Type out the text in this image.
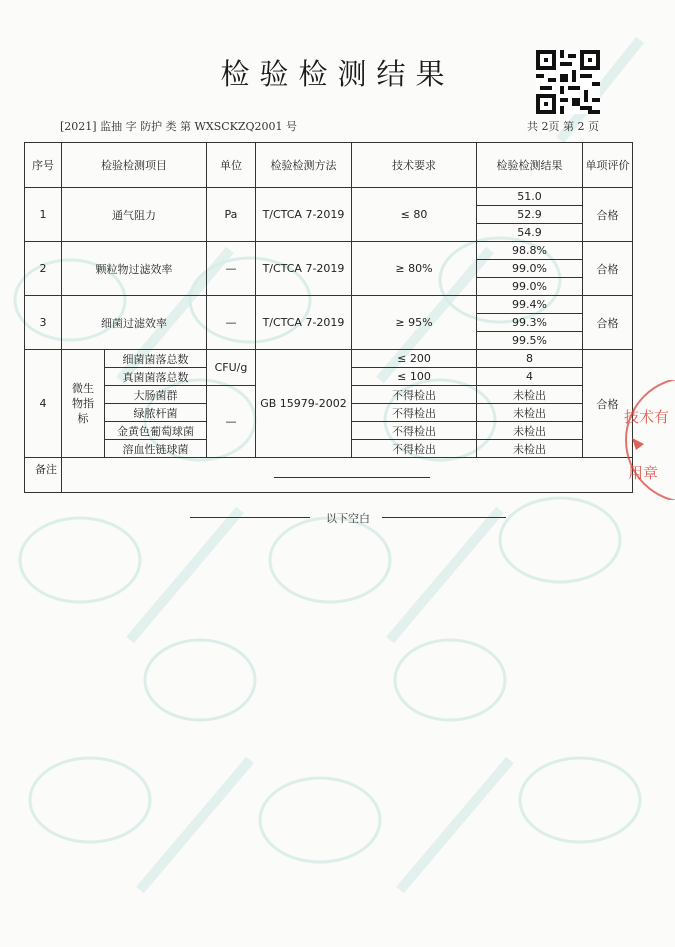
检验检测结果
[2021] 监抽 字 防护 类 第 WXSCKZQ2001 号	共 2页 第 2 页
序号	检验检测项目		单位	检验检测方法	技术要求	检验检测结果	单项评价
1	通气阻力		Pa	T/CTCA 7-2019	≤ 80	51.0	合格
						52.9	
						54.9	
2	颗粒物过滤效率		—	T/CTCA 7-2019	≥ 80%	98.8%	合格
						99.0%	
						99.0%	
3	细菌过滤效率		—	T/CTCA 7-2019	≥ 95%	99.4%	合格
						99.3%	
						99.5%	
4	微生物指标	细菌菌落总数	CFU/g	GB 15979-2002	≤ 200	8	合格
		真菌菌落总数			≤ 100	4	
		大肠菌群	—		不得检出	未检出	
		绿脓杆菌			不得检出	未检出	
		金黄色葡萄球菌			不得检出	未检出	
		溶血性链球菌			不得检出	未检出	
备注							
以下空白
技术有
用章
